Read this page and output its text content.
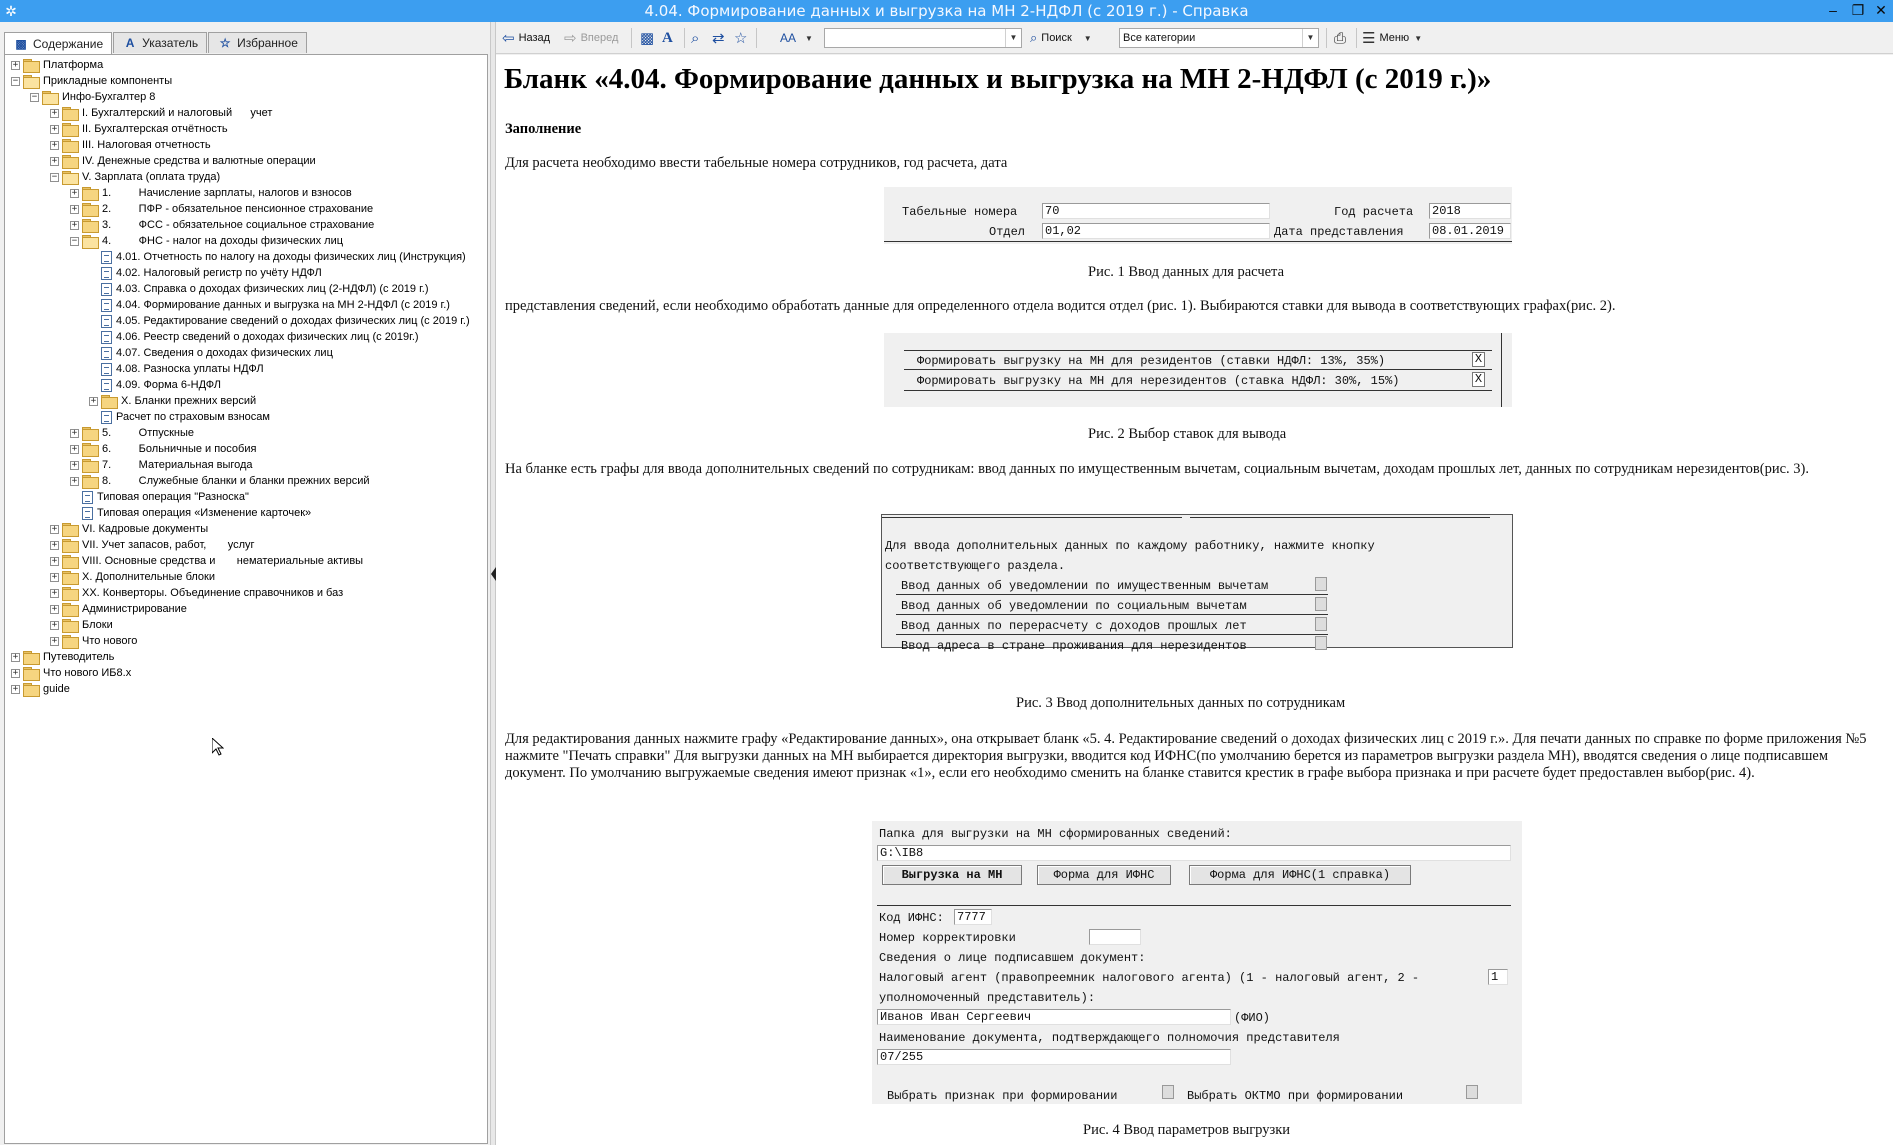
✲	4.04. Формирование данных и выгрузка на МН 2-НДФЛ (с 2019 г.) - Справка	–	❐ ✕
▩ Содержание	A Указатель ☆ Избранное
+ Платформа
− Прикладные компоненты
− Инфо-Бухгалтер 8
+ I. Бухгалтерский и налоговый      учет
+ II. Бухгалтерская отчётность
+ III. Налоговая отчетность
+ IV. Денежные средства и валютные операции
− V. Зарплата (оплата труда)
+ 1.         Начисление зарплаты, налогов и взносов
+ 2.         ПФР - обязательное пенсионное страхование
+ 3.         ФСС - обязательное социальное страхование
− 4.         ФНС - налог на доходы физических лиц
4.01. Отчетность по налогу на доходы физических лиц (Инструкция)
4.02. Налоговый регистр по учёту НДФЛ
4.03. Справка о доходах физических лиц (2-НДФЛ) (с 2019 г.)
4.04. Формирование данных и выгрузка на МН 2-НДФЛ (с 2019 г.)
4.05. Редактирование сведений о доходах физических лиц (с 2019 г.)
4.06. Реестр сведений о доходах физических лиц (с 2019г.)
4.07. Сведения о доходах физических лиц
4.08. Разноска уплаты НДФЛ
4.09. Форма 6-НДФЛ
+ X. Бланки прежних версий
Расчет по страховым взносам
+ 5.         Отпускные
+ 6.         Больничные и пособия
+ 7.         Материальная выгода
+ 8.         Служебные бланки и бланки прежних версий
Типовая операция "Разноска"
Типовая операция «Изменение карточек»
+ VI. Кадровые документы
+ VII. Учет запасов, работ,       услуг
+ VIII. Основные средства и       нематериальные активы
+ X. Дополнительные блоки
+ XX. Конверторы. Объединение справочников и баз
+ Администрирование
+ Блоки
+ Что нового
+ Путеводитель
+ Что нового ИБ8.x
+ guide
⇦ Назад ⇨ Вперед ▩ A ⌕ ⇄ ☆	AA ▼	▼ ⌕ Поиск ▼	Все категории	▼ ⎙ ☰ Меню ▼
Бланк «4.04. Формирование данных и выгрузка на МН 2-НДФЛ (с 2019 г.)»
Заполнение
Для расчета необходимо ввести табельные номера сотрудников, год расчета, дата
Табельные номера 70	Год расчета 2018
Отдел 01,02	Дата представления 08.01.2019
Рис. 1 Ввод данных для расчета
представления сведений, если необходимо обработать данные для определенного отдела водится отдел (рис. 1). Выбираются ставки для вывода в соответствующих графах(рис. 2).
Формировать выгрузку на МН для резидентов (ставки НДФЛ: 13%, 35%)	X
Формировать выгрузку на МН для нерезидентов (ставка НДФЛ: 30%, 15%)	X
Рис. 2 Выбор ставок для вывода
На бланке есть графы для ввода дополнительных сведений по сотрудникам: ввод данных по имущественным вычетам, социальным вычетам, доходам прошлых лет, данных по сотрудникам нерезидентов(рис. 3).
Для ввода дополнительных данных по каждому работнику, нажмите кнопку
соответствующего раздела.
Ввод данных об уведомлении по имущественным вычетам
Ввод данных об уведомлении по социальным вычетам
Ввод данных по перерасчету с доходов прошлых лет
Ввод адреса в стране проживания для нерезидентов
Рис. 3 Ввод дополнительных данных по сотрудникам
Для редактирования данных нажмите графу «Редактирование данных», она открывает бланк «5. 4. Редактирование сведений о доходах физических лиц с 2019 г.». Для печати данных по справке по форме приложения №5 нажмите "Печать справки" Для выгрузки данных на МН выбирается директория выгрузки, вводится код ИФНС(по умолчанию берется из параметров выгрузки раздела МН), вводятся сведения о лице подписавшем документ. По умолчанию выгружаемые сведения имеют признак «1», если его необходимо сменить на бланке ставится крестик в графе выбора признака и при расчете будет предоставлен выбор(рис. 4).
Папка для выгрузки на МН сформированных сведений:
G:\IB8
Выгрузка на МН	Форма для ИФНС	Форма для ИФНС(1 справка)
Код ИФНС: 7777
Номер корректировки
Сведения о лице подписавшем документ:
Налоговый агент (правопреемник налогового агента) (1 - налоговый агент, 2 -	1
уполномоченный представитель):
Иванов Иван Сергеевич	(ФИО)
Наименование документа, подтверждающего полномочия представителя
07/255
Выбрать признак при формировании	Выбрать ОКТМО при формировании
Рис. 4 Ввод параметров выгрузки
